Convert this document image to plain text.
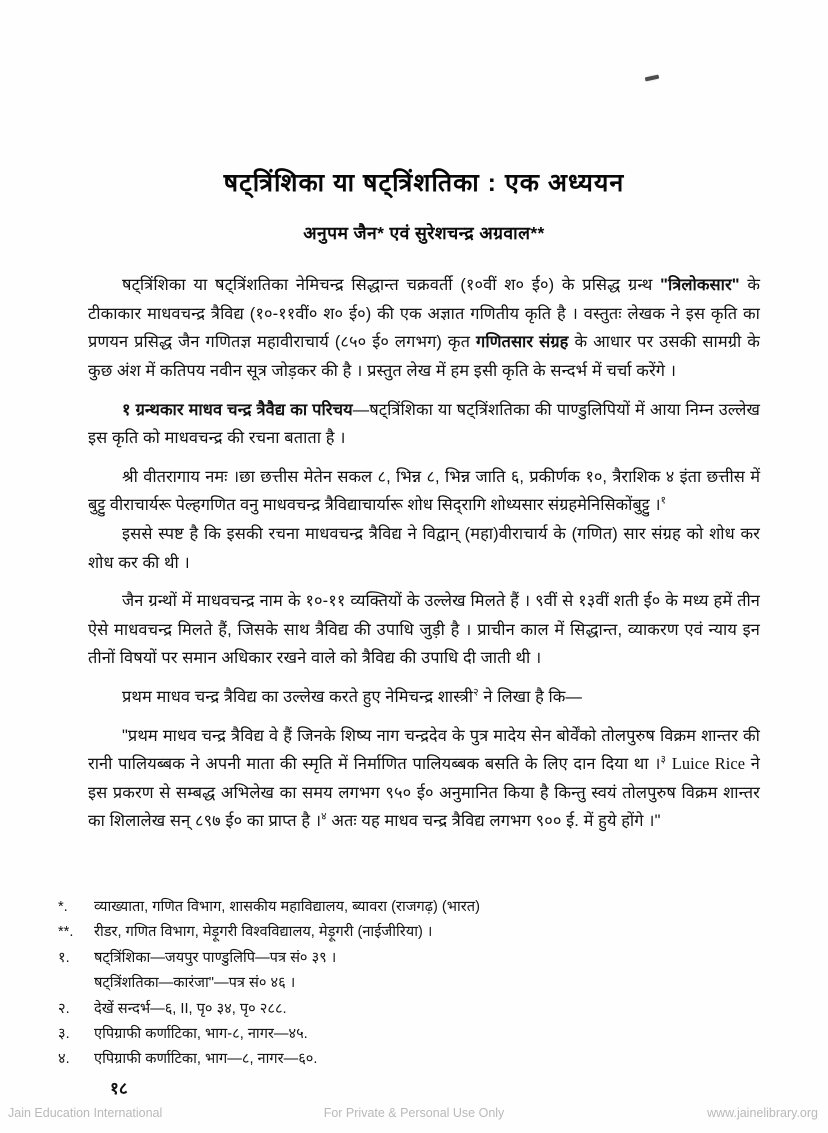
षट्‌त्रिंशिका या षट्‌त्रिंशतिका : एक अध्ययन
अनुपम जैन* एवं सुरेशचन्द्र अग्रवाल**

षट्‌त्रिंशिका या षट्‌त्रिंशतिका नेमिचन्द्र सिद्धान्त चक्रवर्ती (१०वीं श० ई०) के प्रसिद्ध ग्रन्थ "त्रिलोकसार" के टीकाकार माधवचन्द्र त्रैविद्य (१०-११वीं० श० ई०) की एक अज्ञात गणितीय कृति है । वस्तुतः लेखक ने इस कृति का प्रणयन प्रसिद्ध जैन गणितज्ञ महावीराचार्य (८५० ई० लगभग) कृत गणितसार संग्रह के आधार पर उसकी सामग्री के कुछ अंश में कतिपय नवीन सूत्र जोड़कर की है । प्रस्तुत लेख में हम इसी कृति के सन्दर्भ में चर्चा करेंगे ।

१ ग्रन्थकार माधव चन्द्र त्रैवैद्य का परिचय—षट्‌त्रिंशिका या षट्‌त्रिंशतिका की पाण्डुलिपियों में आया निम्न उल्लेख इस कृति को माधवचन्द्र की रचना बताता है ।

श्री वीतरागाय नमः ।छा छत्तीस मेतेन सकल ८, भिन्न ८, भिन्न जाति ६, प्रकीर्णक १०, त्रैराशिक ४ इंता छत्तीस में बुट्टु वीराचार्यरू पेल्हगणित वनु माधवचन्द्र त्रैविद्याचार्यारू शोध सिद्‌रागि शोध्यसार संग्रहमेनिसिकोंबुट्टु ।$^१$

इससे स्पष्ट है कि इसकी रचना माधवचन्द्र त्रैविद्य ने विद्वान् (महा)वीराचार्य के (गणित) सार संग्रह को शोध कर शोध कर की थी ।

जैन ग्रन्थों में माधवचन्द्र नाम के १०-११ व्यक्तियों के उल्लेख मिलते हैं । ९वीं से १३वीं शती ई० के मध्य हमें तीन ऐसे माधवचन्द्र मिलते हैं, जिसके साथ त्रैविद्य की उपाधि जुड़ी है । प्राचीन काल में सिद्धान्त, व्याकरण एवं न्याय इन तीनों विषयों पर समान अधिकार रखने वाले को त्रैविद्य की उपाधि दी जाती थी ।

प्रथम माधव चन्द्र त्रैविद्य का उल्लेख करते हुए नेमिचन्द्र शास्त्री$^२$ ने लिखा है कि—

"प्रथम माधव चन्द्र त्रैविद्य वे हैं जिनके शिष्य नाग चन्द्रदेव के पुत्र मादेय सेन बोर्वेंको तोलपुरुष विक्रम शान्तर की रानी पालियब्बक ने अपनी माता की स्मृति में निर्माणित पालियब्बक बसति के लिए दान दिया था ।$^३$ Luice Rice ने इस प्रकरण से सम्बद्ध अभिलेख का समय लगभग ९५० ई० अनुमानित किया है किन्तु स्वयं तोलपुरुष विक्रम शान्तर का शिलालेख सन् ८९७ ई० का प्राप्त है ।$^४$ अतः यह माधव चन्द्र त्रैविद्य लगभग ९०० ई. में हुये होंगे ।"

*.	व्याख्याता, गणित विभाग, शासकीय महाविद्यालय, ब्यावरा (राजगढ़) (भारत)
**.	रीडर, गणित विभाग, मेड़ूगरी विश्वविद्यालय, मेड़ूगरी (नाईजीरिया) ।
१.	षट्‌त्रिंशिका—जयपुर पाण्डुलिपि—पत्र सं० ३९ ।
षट्‌त्रिंशतिका—कारंजा"—पत्र सं० ४६ ।
२.	देखें सन्दर्भ—६, II, पृ० ३४, पृ० २८८.
३.	एपिग्राफी कर्णाटिका, भाग-८, नागर—४५.
४.	एपिग्राफी कर्णाटिका, भाग—८, नागर—६०.
१८
Jain Education International	For Private & Personal Use Only	www.jainelibrary.org
